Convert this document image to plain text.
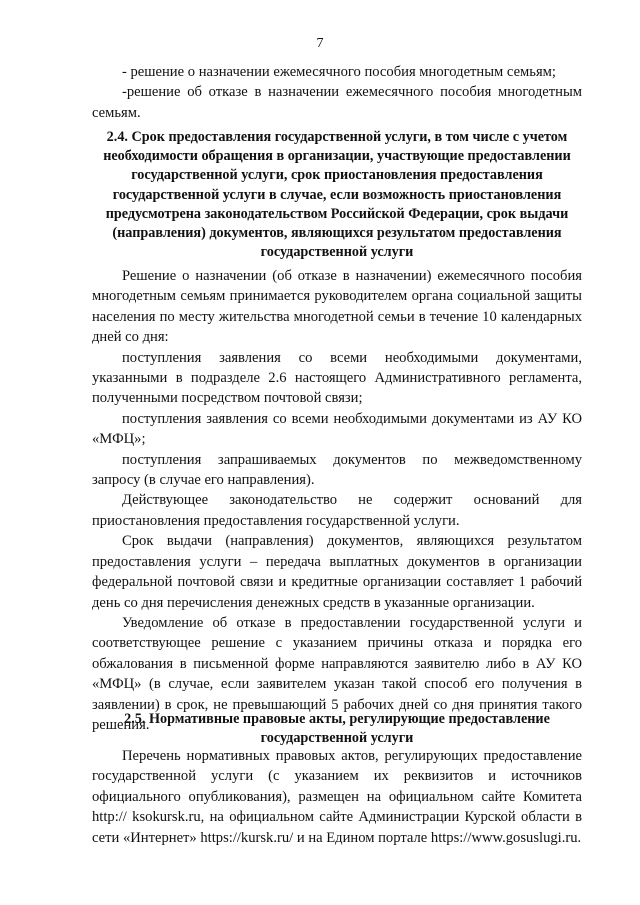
7

- решение о назначении ежемесячного пособия многодетным семьям;

-решение об отказе в назначении ежемесячного пособия многодетным семьям.

2.4. Срок предоставления государственной услуги, в том числе с учетом необходимости обращения в организации, участвующие предоставлении государственной услуги, срок приостановления предоставления государственной услуги в случае, если возможность приостановления предусмотрена законодательством Российской Федерации, срок выдачи (направления) документов, являющихся результатом предоставления государственной услуги

Решение о назначении (об отказе в назначении) ежемесячного пособия многодетным семьям принимается руководителем органа социальной защиты населения по месту жительства многодетной семьи в течение 10 календарных дней со дня:

поступления заявления со всеми необходимыми документами, указанными в подразделе 2.6 настоящего Административного регламента, полученными посредством почтовой связи;

поступления заявления со всеми необходимыми документами из АУ КО «МФЦ»;

поступления запрашиваемых документов по межведомственному запросу (в случае его направления).

Действующее законодательство не содержит оснований для приостановления предоставления государственной услуги.

Срок выдачи (направления) документов, являющихся результатом предоставления услуги – передача выплатных документов в организации федеральной почтовой связи и кредитные организации составляет 1 рабочий день со дня перечисления денежных средств в указанные организации.

Уведомление об отказе в предоставлении государственной услуги и соответствующее решение с указанием причины отказа и порядка его обжалования в письменной форме направляются заявителю либо в АУ КО «МФЦ» (в случае, если заявителем указан такой способ его получения в заявлении) в срок, не превышающий 5 рабочих дней со дня принятия такого решения.

2.5. Нормативные правовые акты, регулирующие предоставление государственной услуги

Перечень нормативных правовых актов, регулирующих предоставление государственной услуги (с указанием их реквизитов и источников официального опубликования), размещен на официальном сайте Комитета http:// ksokursk.ru, на официальном сайте Администрации Курской области в сети «Интернет» https://kursk.ru/ и на Едином портале https://www.gosuslugi.ru.
